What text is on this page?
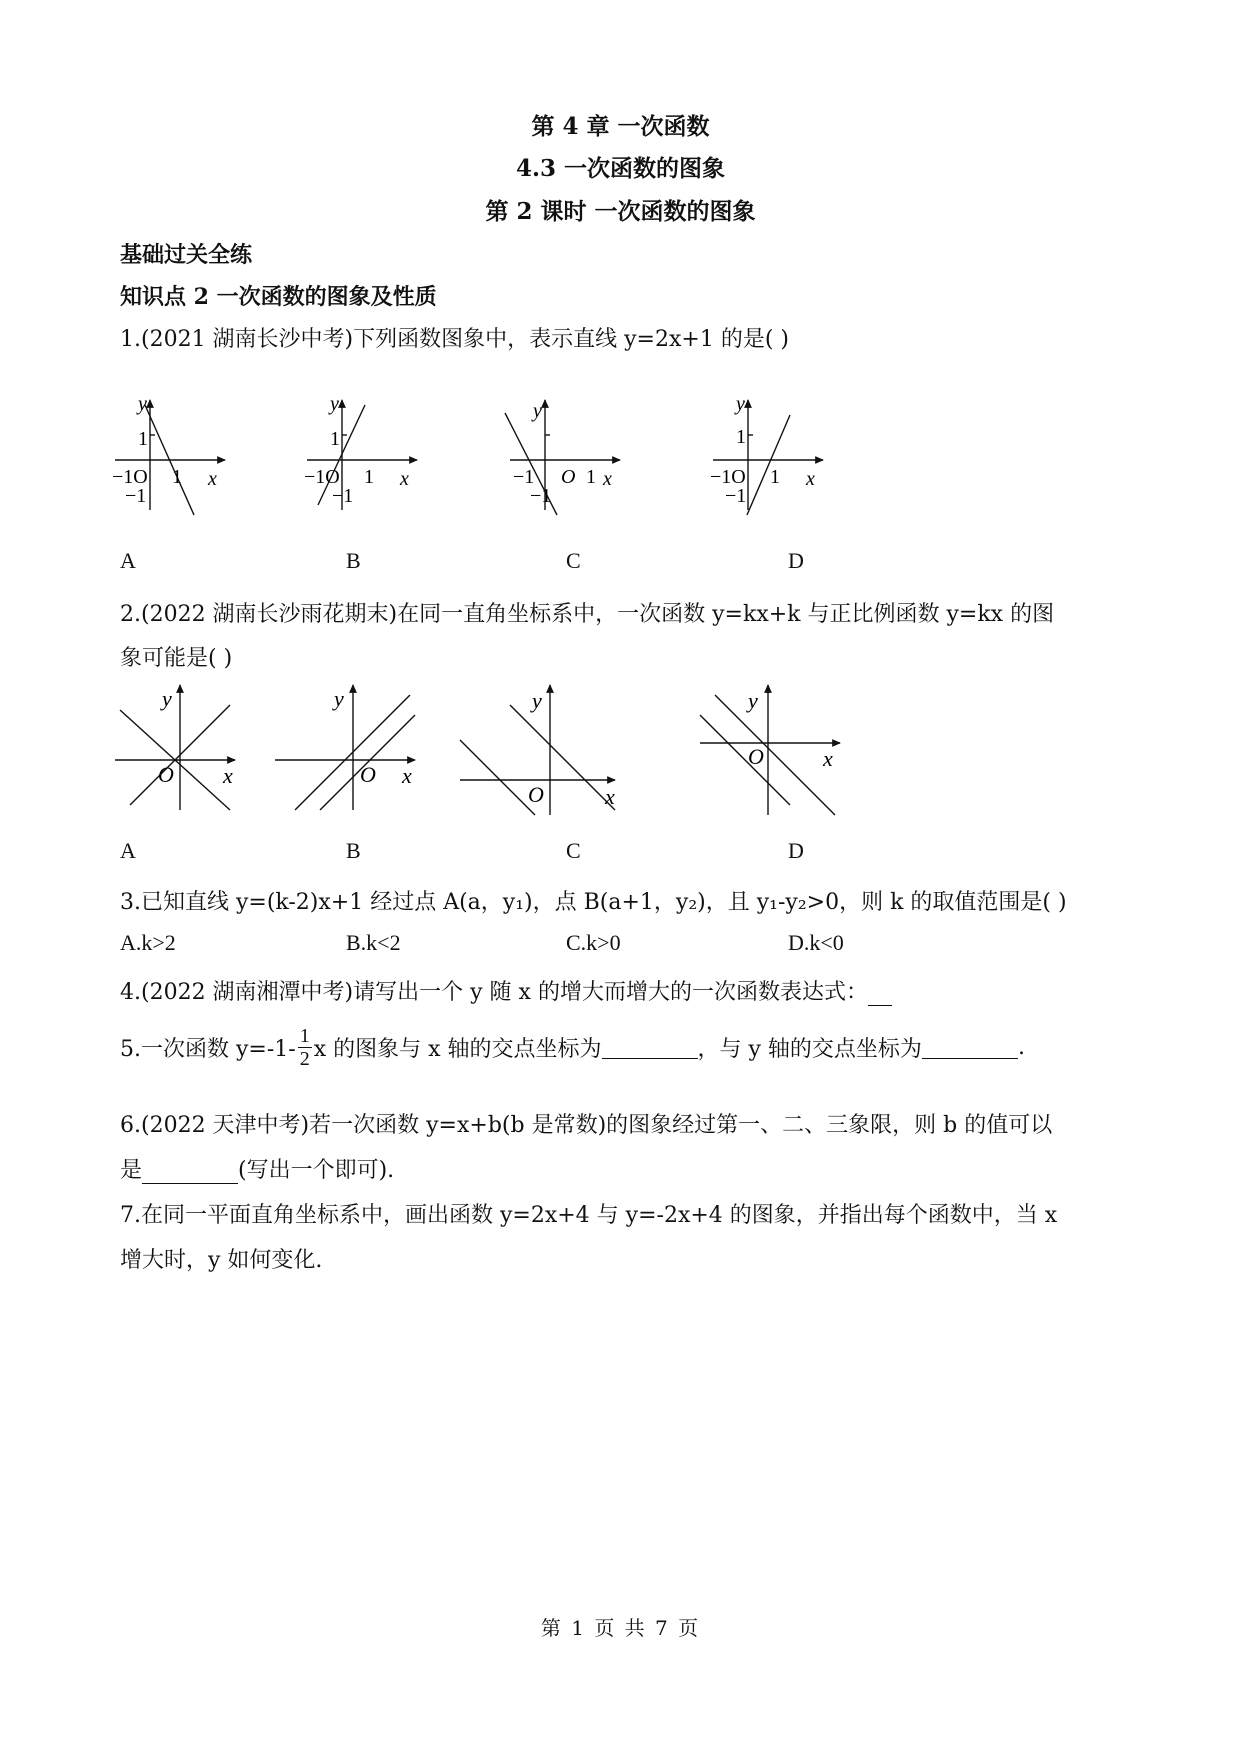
第 4 章 一次函数
4.3 一次函数的图象
第 2 课时 一次函数的图象
基础过关全练
知识点 2 一次函数的图象及性质
1.(2021 湖南长沙中考)下列函数图象中，表示直线 y=2x+1 的是( )
y
x
1
−1O 1
−1
y
x
1
−1O 1
−1
y
x
−1 O 1
−1
y
x
1
−1O 1
−1
A	B	C	D
2.(2022 湖南长沙雨花期末)在同一直角坐标系中，一次函数 y=kx+k 与正比例函数 y=kx 的图
象可能是( )
y
x
O
y
x
O
y
x
O
y
x
O
A	B	C	D
3.已知直线 y=(k-2)x+1 经过点 A(a，y₁)，点 B(a+1，y₂)，且 y₁-y₂>0，则 k 的取值范围是( )
A.k>2	B.k<2	C.k>0	D.k<0
4.(2022 湖南湘潭中考)请写出一个 y 随 x 的增大而增大的一次函数表达式：
5.一次函数 $y=-1- \frac{1}{2}$ x 的图象与 x 轴的交点坐标为	，与 y 轴的交点坐标为	.
6.(2022 天津中考)若一次函数 y=x+b(b 是常数)的图象经过第一、二、三象限，则 b 的值可以
是	(写出一个即可).
7.在同一平面直角坐标系中，画出函数 y=2x+4 与 y=-2x+4 的图象，并指出每个函数中，当 x
增大时，y 如何变化.
第 1 页 共 7 页
